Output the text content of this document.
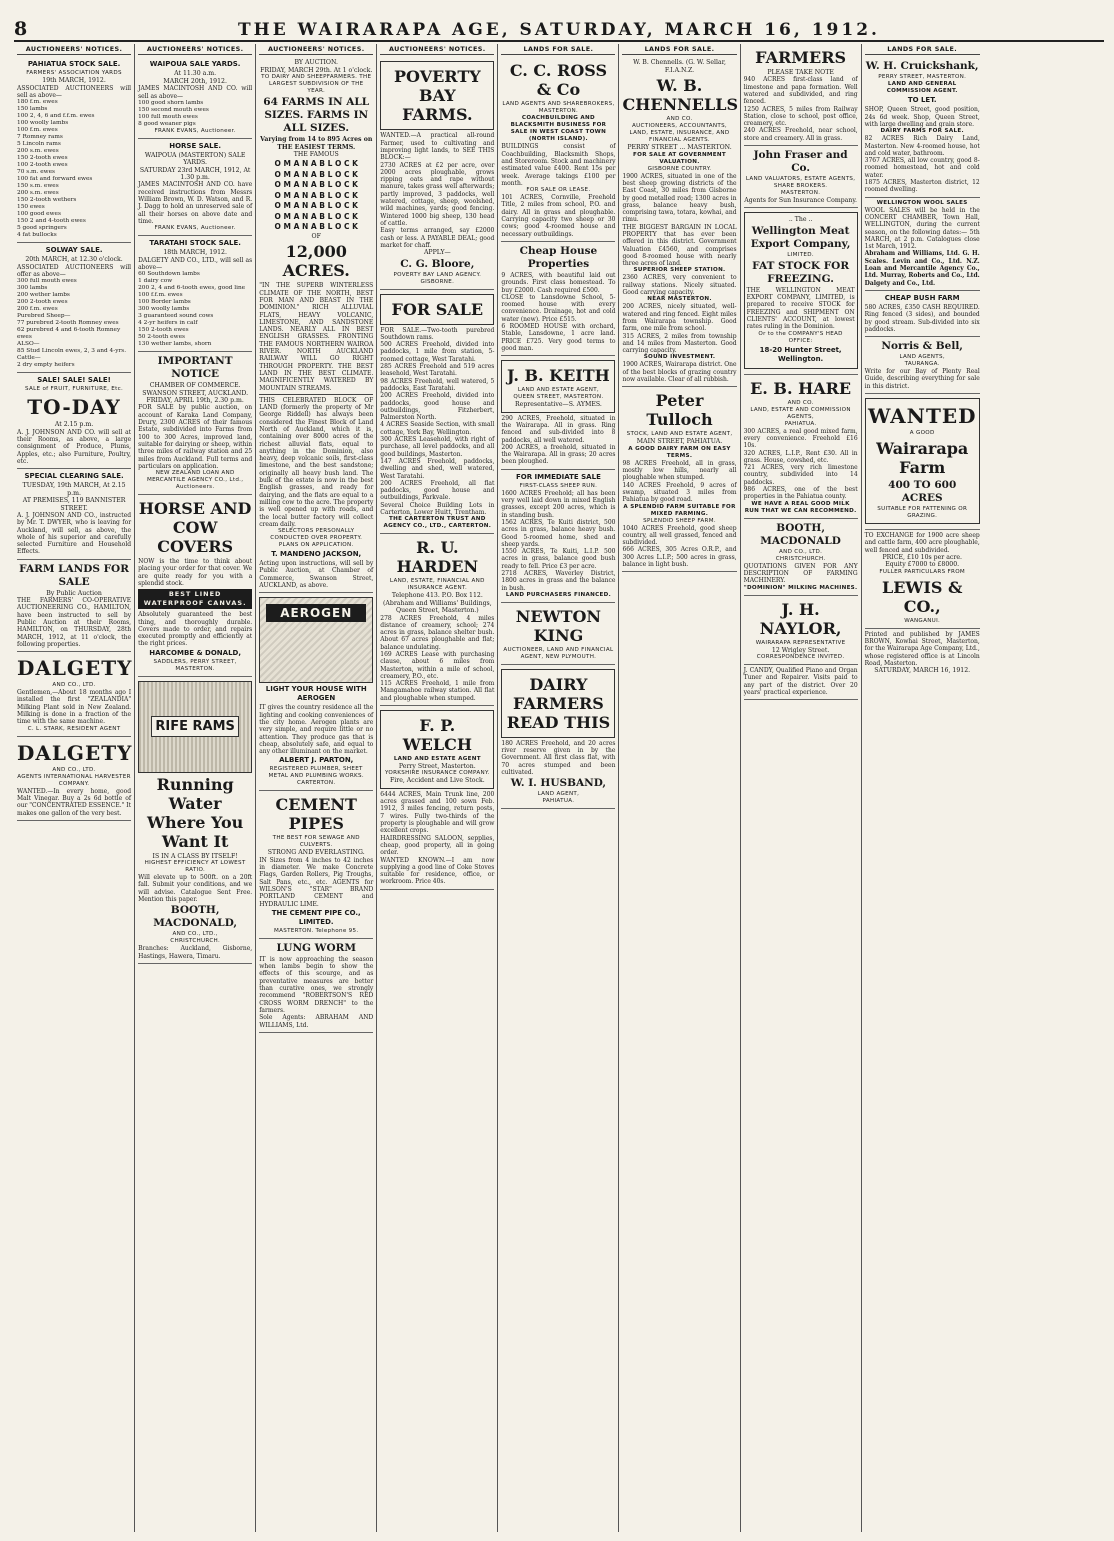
8	THE WAIRARAPA AGE, SATURDAY, MARCH 16, 1912.
AUCTIONEERS' NOTICES.
PAHIATUA STOCK SALE.
FARMERS' ASSOCIATION YARDS
19th MARCH, 1912.
ASSOCIATED AUCTIONEERS will sell as above—
180 f.m. ewes
150 lambs
100 2, 4, 6 and f.f.m. ewes
100 woolly lambs
100 f.m. ewes
7 Romney rams
5 Lincoln rams
200 s.m. ewes
150 2-tooth ewes
100 2-tooth ewes
70 s.m. ewes
100 fat and forward ewes
150 s.m. ewes
200 s.m. ewes
150 2-tooth wethers
150 ewes
100 good ewes
150 2 and 4-tooth ewes
5 good springers
4 fat bullocks
SOLWAY SALE.
20th MARCH, at 12.30 o'clock.
ASSOCIATED AUCTIONEERS will offer as above—
300 full mouth ewes
300 lambs
200 wether lambs
200 2-tooth ewes
200 f.m. ewes
Purebred Sheep—
77 purebred 2-tooth Romney ewes
62 purebred 4 and 6-tooth Romney ewes
ALSO—
85 Stud Lincoln ewes, 2, 3 and 4-yrs.
Cattle—
2 dry empty heifers
SALE! SALE! SALE!
SALE of FRUIT, FURNITURE, Etc.
TO-DAY
At 2.15 p.m.
A. J. JOHNSON AND CO. will sell at their Rooms, as above, a large consignment of Produce, Plums, Apples, etc.; also Furniture, Poultry, etc.
SPECIAL CLEARING SALE.
TUESDAY, 19th MARCH, At 2.15 p.m.
AT PREMISES, 119 BANNISTER STREET.
A. J. JOHNSON AND CO., instructed by Mr. T. DWYER, who is leaving for Auckland, will sell, as above, the whole of his superior and carefully selected Furniture and Household Effects.
FARM LANDS FOR SALE
By Public Auction
THE FARMERS' CO-OPERATIVE AUCTIONEERING CO., HAMILTON, have been instructed to sell by Public Auction at their Rooms, HAMILTON, on THURSDAY, 28th MARCH, 1912, at 11 o'clock, the following properties.
DALGETY
AND CO., LTD.
Gentlemen,—About 18 months ago I installed the first "ZEALANDIA" Milking Plant sold in New Zealand. Milking is done in a fraction of the time with the same machine.
C. L. STARK, RESIDENT AGENT
DALGETY
AND CO., LTD.
AGENTS INTERNATIONAL HARVESTER COMPANY.
WANTED.—In every home, good Malt Vinegar. Buy a 2s 6d bottle of our "CONCENTRATED ESSENCE." It makes one gallon of the very best.
AUCTIONEERS' NOTICES.
WAIPOUA SALE YARDS.
At 11.30 a.m.
MARCH 20th, 1912.
JAMES MACINTOSH AND CO. will sell as above—
100 good shorn lambs
150 second mouth ewes
100 full mouth ewes
8 good weaner pigs
FRANK EVANS, Auctioneer.
HORSE SALE.
WAIPOUA (MASTERTON) SALE YARDS.
SATURDAY 23rd MARCH, 1912, At 1.30 p.m.
JAMES MACINTOSH AND CO. have received instructions from Messrs William Brown, W. D. Watson, and R. J. Dagg to hold an unreserved sale of all their horses on above date and time.
FRANK EVANS, Auctioneer.
TARATAHI STOCK SALE.
18th MARCH, 1912.
DALGETY AND CO., LTD., will sell as above—
60 Southdown lambs
1 dairy cow
200 2, 4 and 6-tooth ewes, good line
100 f.f.m. ewes
100 Border lambs
300 woolly lambs
3 guaranteed sound cows
4 2-yr heifers in calf
150 2-tooth ewes
50 2-tooth ewes
130 wether lambs, shorn
IMPORTANT NOTICE
CHAMBER OF COMMERCE.
SWANSON STREET, AUCKLAND.
FRIDAY, APRIL 19th, 2.30 p.m.
FOR SALE by public auction, on account of Karaka Land Company, Drury, 2300 ACRES of their famous Estate, subdivided into Farms from 100 to 300 Acres, improved land, suitable for dairying or sheep, within three miles of railway station and 25 miles from Auckland. Full terms and particulars on application.
NEW ZEALAND LOAN AND MERCANTILE AGENCY CO., Ltd., Auctioneers.
HORSE AND COW COVERS
NOW is the time to think about placing your order for that cover. We are quite ready for you with a splendid stock.
BEST LINED WATERPROOF CANVAS.
Absolutely guaranteed the best thing, and thoroughly durable. Covers made to order, and repairs executed promptly and efficiently at the right prices.
HARCOMBE & DONALD,
SADDLERS, PERRY STREET, MASTERTON.
RIFE RAMS
Running Water Where You Want It
IS IN A CLASS BY ITSELF!
HIGHEST EFFICIENCY AT LOWEST RATIO.
Will elevate up to 500ft. on a 20ft fall. Submit your conditions, and we will advise. Catalogue Sent Free. Mention this paper.
BOOTH, MACDONALD,
AND CO., LTD.,
CHRISTCHURCH.
Branches: Auckland, Gisborne, Hastings, Hawera, Timaru.
AUCTIONEERS' NOTICES.
BY AUCTION.
FRIDAY, MARCH 29th. At 1 o'clock.
TO DAIRY AND SHEEPFARMERS. THE LARGEST SUBDIVISION OF THE YEAR.
64 FARMS IN ALL SIZES. FARMS IN ALL SIZES.
Varying from 14 to 895 Acres on THE EASIEST TERMS.
THE FAMOUS
O M A N A B L O C K
O M A N A B L O C K
O M A N A B L O C K
O M A N A B L O C K
O M A N A B L O C K
O M A N A B L O C K
O M A N A B L O C K
OF
12,000 ACRES.
"IN THE SUPERB WINTERLESS CLIMATE OF THE NORTH, BEST FOR MAN AND BEAST IN THE DOMINION." RICH ALLUVIAL FLATS, HEAVY VOLCANIC, LIMESTONE, AND SANDSTONE LANDS. NEARLY ALL IN BEST ENGLISH GRASSES. FRONTING THE FAMOUS NORTHERN WAIROA RIVER. NORTH AUCKLAND RAILWAY WILL GO RIGHT THROUGH PROPERTY. THE BEST LAND IN THE BEST CLIMATE. MAGNIFICENTLY WATERED BY MOUNTAIN STREAMS.
THIS CELEBRATED BLOCK OF LAND (formerly the property of Mr George Riddell) has always been considered the Finest Block of Land North of Auckland, which it is, containing over 8000 acres of the richest alluvial flats, equal to anything in the Dominion, also heavy, deep volcanic soils, first-class limestone, and the best sandstone; originally all heavy bush land. The bulk of the estate is now in the best English grasses, and ready for dairying, and the flats are equal to a milling cow to the acre. The property is well opened up with roads, and the local butter factory will collect cream daily.
SELECTORS PERSONALLY CONDUCTED OVER PROPERTY.
PLANS ON APPLICATION.
T. MANDENO JACKSON,
Acting upon instructions, will sell by Public Auction, at Chamber of Commerce, Swanson Street, AUCKLAND, as above.
AEROGEN
LIGHT YOUR HOUSE WITH AEROGEN
IT gives the country residence all the lighting and cooking conveniences of the city home. Aerogen plants are very simple, and require little or no attention. They produce gas that is cheap, absolutely safe, and equal to any other illuminant on the market.
ALBERT J. PARTON,
REGISTERED PLUMBER, SHEET METAL AND PLUMBING WORKS. CARTERTON.
CEMENT PIPES
THE BEST FOR SEWAGE AND CULVERTS.
STRONG AND EVERLASTING.
IN Sizes from 4 inches to 42 inches in diameter. We make Concrete Flags, Garden Rollers, Pig Troughs, Salt Pans, etc., etc. AGENTS for WILSON'S "STAR" BRAND PORTLAND CEMENT and HYDRAULIC LIME.
THE CEMENT PIPE CO., LIMITED.
MASTERTON. Telephone 95.
LUNG WORM
IT is now approaching the season when lambs begin to show the effects of this scourge, and as preventative measures are better than curative ones, we strongly recommend "ROBERTSON'S RED CROSS WORM DRENCH" to the farmers.
Sole Agents: ABRAHAM AND WILLIAMS, Ltd.
AUCTIONEERS' NOTICES.
POVERTY BAY FARMS.
WANTED.—A practical all-round Farmer, used to cultivating and improving light lands, to SEE THIS BLOCK:—
2730 ACRES at £2 per acre, over 2000 acres ploughable, grows ripping oats and rape without manure, takes grass well afterwards; partly improved, 3 paddocks, well watered, cottage, sheep, woolshed, wild machines, yards; good fencing. Wintered 1000 big sheep, 130 head of cattle.
Easy terms arranged, say £2000 cash or less. A PAYABLE DEAL; good market for chaff.
APPLY—
C. G. Bloore,
POVERTY BAY LAND AGENCY.
GISBORNE.
FOR SALE
FOR SALE.—Two-tooth purebred Southdown rams.
500 ACRES Freehold, divided into paddocks, 1 mile from station, 5-roomed cottage, West Taratahi.
285 ACRES Freehold and 519 acres leasehold, West Taratahi.
98 ACRES Freehold, well watered, 5 paddocks, East Taratahi.
200 ACRES Freehold, divided into paddocks, good house and outbuildings, Fitzherbert, Palmerston North.
4 ACRES Seaside Section, with small cottage, York Bay, Wellington.
300 ACRES Leasehold, with right of purchase, all level paddocks, and all good buildings, Masterton.
147 ACRES Freehold, paddocks, dwelling and shed, well watered, West Taratahi.
200 ACRES Freehold, all flat paddocks, good house and outbuildings, Parkvale.
Several Choice Building Lots in Carterton, Lower Huitt, Trentham.
THE CARTERTON TRUST AND AGENCY CO., LTD., CARTERTON.
R. U. HARDEN
LAND, ESTATE, FINANCIAL AND INSURANCE AGENT.
Telephone 413. P.O. Box 112.
(Abraham and Williams' Buildings, Queen Street, Masterton.)
278 ACRES Freehold, 4 miles distance of creamery, school; 274 acres in grass, balance shelter bush. About 67 acres ploughable and flat; balance undulating.
169 ACRES Lease with purchasing clause, about 6 miles from Masterton, within a mile of school, creamery, P.O., etc.
115 ACRES Freehold, 1 mile from Mangamahoe railway station. All flat and ploughable when stumped.
F. P. WELCH
LAND AND ESTATE AGENT
Perry Street, Masterton.
YORKSHIRE INSURANCE COMPANY.
Fire, Accident and Live Stock.
6444 ACRES, Main Trunk line, 200 acres grassed and 100 sown Feb. 1912, 3 miles fencing, return posts, 7 wires. Fully two-thirds of the property is ploughable and will grow excellent crops.
HAIRDRESSING SALOON, sepplies, cheap, good property, all in going order.
WANTED KNOWN.—I am now supplying a good line of Coke Stoves suitable for residence, office, or workroom. Price 40s.
LANDS FOR SALE.
C. C. ROSS & Co
LAND AGENTS AND SHAREBROKERS,
MASTERTON.
COACHBUILDING AND BLACKSMITH BUSINESS FOR SALE IN WEST COAST TOWN (NORTH ISLAND).
BUILDINGS consist of Coachbuilding, Blacksmith Shops, and Storeroom. Stock and machinery estimated value £400. Rent 15s per week. Average takings £100 per month.
FOR SALE OR LEASE.
101 ACRES, Cornville, Freehold Title, 2 miles from school, P.O. and dairy. All in grass and ploughable. Carrying capacity two sheep or 30 cows; good 4-roomed house and necessary outbuildings.
Cheap House Properties
9 ACRES, with beautiful laid out grounds. First class homestead. To buy £2000. Cash required £500.
CLOSE to Lansdowne School, 5-roomed house with every convenience. Drainage, hot and cold water (new). Price £515.
6 ROOMED HOUSE with orchard, Stable, Lansdowne, 1 acre land. PRICE £725. Very good terms to good man.
J. B. KEITH
LAND AND ESTATE AGENT,
QUEEN STREET, MASTERTON.
Representative—S. AYMES.
290 ACRES, Freehold, situated in the Wairarapa. All in grass. Ring fenced and sub-divided into 8 paddocks, all well watered.
200 ACRES, a freehold, situated in the Wairarapa. All in grass; 20 acres been ploughed.
FOR IMMEDIATE SALE
FIRST-CLASS SHEEP RUN.
1600 ACRES Freehold; all has been very well laid down in mixed English grasses, except 200 acres, which is in standing bush.
1562 ACRES, Te Kuiti district, 500 acres in grass, balance heavy bush. Good 5-roomed home, shed and sheep yards.
1550 ACRES, Te Kuiti, L.I.P. 500 acres in grass, balance good bush ready to fell. Price £3 per acre.
2718 ACRES, Waverley District, 1800 acres in grass and the balance in bush.
LAND PURCHASERS FINANCED.
NEWTON KING
AUCTIONEER, LAND AND FINANCIAL AGENT, NEW PLYMOUTH.
DAIRY FARMERS READ THIS
180 ACRES Freehold, and 20 acres river reserve given in by the Government. All first class flat, with 70 acres stumped and been cultivated.
W. I. HUSBAND,
LAND AGENT,
PAHIATUA.
LANDS FOR SALE.
W. B. Chennells. (G. W. Sellar, F.I.A.N.Z.
W. B. CHENNELLS
AND CO.
AUCTIONEERS, ACCOUNTANTS, LAND, ESTATE, INSURANCE, AND FINANCIAL AGENTS.
PERRY STREET ... MASTERTON.
FOR SALE AT GOVERNMENT VALUATION.
GISBORNE COUNTRY.
1900 ACRES, situated in one of the best sheep growing districts of the East Coast, 30 miles from Gisborne by good metalled road; 1300 acres in grass, balance heavy bush, comprising tawa, totara, kowhai, and rimu.
THE BIGGEST BARGAIN IN LOCAL PROPERTY that has ever been offered in this district. Government Valuation £4560, and comprises good 8-roomed house with nearly three acres of land.
SUPERIOR SHEEP STATION.
2360 ACRES, very convenient to railway stations. Nicely situated. Good carrying capacity.
NEAR MASTERTON.
200 ACRES, nicely situated, well-watered and ring fenced. Eight miles from Wairarapa township. Good farm, one mile from school.
315 ACRES, 2 miles from township and 14 miles from Masterton. Good carrying capacity.
SOUND INVESTMENT.
1900 ACRES, Wairarapa district. One of the best blocks of grazing country now available. Clear of all rubbish.
Peter Tulloch
STOCK, LAND AND ESTATE AGENT,
MAIN STREET, PAHIATUA.
A GOOD DAIRY FARM ON EASY TERMS.
98 ACRES Freehold, all in grass, mostly low hills, nearly all ploughable when stumped.
140 ACRES Freehold, 9 acres of swamp, situated 3 miles from Pahiatua by good road.
A SPLENDID FARM SUITABLE FOR MIXED FARMING.
SPLENDID SHEEP FARM.
1040 ACRES Freehold, good sheep country, all well grassed, fenced and subdivided.
666 ACRES, 305 Acres O.R.P., and 300 Acres L.I.P.; 500 acres in grass, balance in light bush.
FARMERS
PLEASE TAKE NOTE
940 ACRES first-class land of limestone and papa formation. Well watered and subdivided, and ring fenced.
1250 ACRES, 5 miles from Railway Station, close to school, post office, creamery, etc.
240 ACRES Freehold, near school, store and creamery. All in grass.
John Fraser and Co.
LAND VALUATORS, ESTATE AGENTS, SHARE BROKERS.
MASTERTON.
Agents for Sun Insurance Company.
.. The ..
Wellington Meat Export Company,
LIMITED.
FAT STOCK FOR FREEZING.
THE WELLINGTON MEAT EXPORT COMPANY, LIMITED, is prepared to receive STOCK for FREEZING and SHIPMENT ON CLIENTS' ACCOUNT, at lowest rates ruling in the Dominion.
Or to the COMPANY'S HEAD OFFICE:
18-20 Hunter Street, Wellington.
E. B. HARE
AND CO.
LAND, ESTATE AND COMMISSION AGENTS,
PAHIATUA.
300 ACRES, a real good mixed farm, every convenience. Freehold £16 10s.
320 ACRES, L.I.P., Rent £30. All in grass. House, cowshed, etc.
721 ACRES, very rich limestone country, subdivided into 14 paddocks.
986 ACRES, one of the best properties in the Pahiatua county.
WE HAVE A REAL GOOD MILK RUN THAT WE CAN RECOMMEND.
BOOTH, MACDONALD
AND CO., LTD.
CHRISTCHURCH.
QUOTATIONS GIVEN FOR ANY DESCRIPTION OF FARMING MACHINERY.
"DOMINION" MILKING MACHINES.
J. H. NAYLOR,
WAIRARAPA REPRESENTATIVE
12 Wrigley Street.
CORRESPONDENCE INVITED.
J. CANDY, Qualified Piano and Organ Tuner and Repairer. Visits paid to any part of the district. Over 20 years' practical experience.
LANDS FOR SALE.
W. H. Cruickshank,
PERRY STREET, MASTERTON.
LAND AND GENERAL COMMISSION AGENT.
TO LET.
SHOP, Queen Street, good position, 24s 6d week. Shop, Queen Street, with large dwelling and grain store.
DAIRY FARMS FOR SALE.
82 ACRES Rich Dairy Land, Masterton. New 4-roomed house, hot and cold water, bathroom.
3767 ACRES, all low country, good 8-roomed homestead, hot and cold water.
1875 ACRES, Masterton district, 12 roomed dwelling.
WELLINGTON WOOL SALES
WOOL SALES will be held in the CONCERT CHAMBER, Town Hall, WELLINGTON, during the current season, on the following dates:— 5th MARCH, at 2 p.m. Catalogues close 1st March, 1912.
Abraham and Williams, Ltd. G. H. Scales. Levin and Co., Ltd. N.Z. Loan and Mercantile Agency Co., Ltd. Murray, Roberts and Co., Ltd. Dalgety and Co., Ltd.
CHEAP BUSH FARM
580 ACRES, £350 CASH REQUIRED. Ring fenced (3 sides), and bounded by good stream. Sub-divided into six paddocks.
Norris & Bell,
LAND AGENTS,
TAURANGA.
Write for our Bay of Plenty Real Guide, describing everything for sale in this district.
WANTED
A GOOD
Wairarapa Farm
400 TO 600 ACRES
SUITABLE FOR FATTENING OR GRAZING.
TO EXCHANGE for 1900 acre sheep and cattle farm, 400 acre ploughable, well fenced and subdivided.
PRICE, £10 10s per acre.
Equity £7000 to £8000.
FULLER PARTICULARS FROM
LEWIS & CO.,
WANGANUI.
Printed and published by JAMES BROWN, Kowhai Street, Masterton, for the Wairarapa Age Company, Ltd., whose registered office is at Lincoln Road, Masterton.
SATURDAY, MARCH 16, 1912.
